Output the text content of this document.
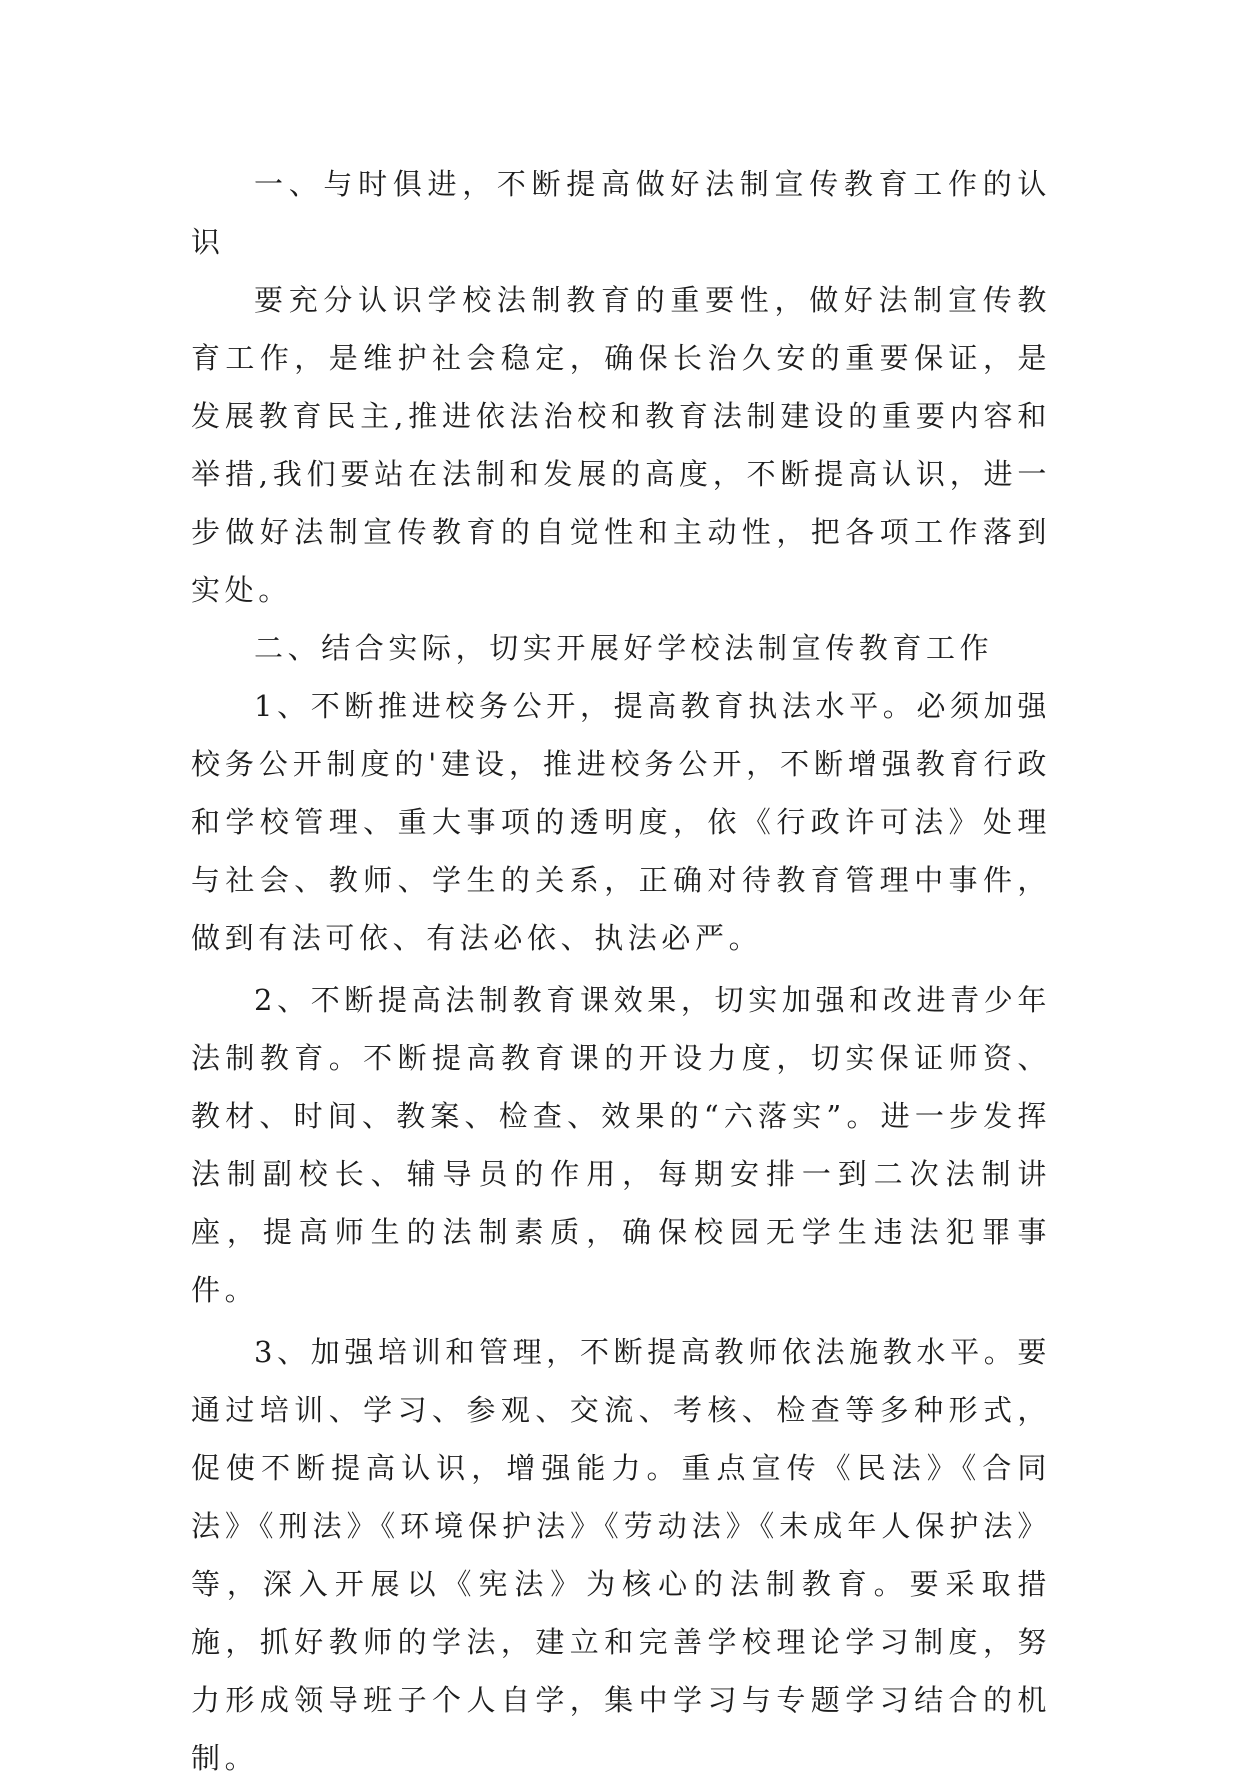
一、与时俱进，不断提高做好法制宣传教育工作的认识

要充分认识学校法制教育的重要性，做好法制宣传教育工作，是维护社会稳定，确保长治久安的重要保证，是发展教育民主,推进依法治校和教育法制建设的重要内容和举措,我们要站在法制和发展的高度，不断提高认识，进一步做好法制宣传教育的自觉性和主动性，把各项工作落到实处。

二、结合实际，切实开展好学校法制宣传教育工作

1、不断推进校务公开，提高教育执法水平。必须加强校务公开制度的'建设，推进校务公开，不断增强教育行政和学校管理、重大事项的透明度，依《行政许可法》处理与社会、教师、学生的关系，正确对待教育管理中事件，做到有法可依、有法必依、执法必严。

2、不断提高法制教育课效果，切实加强和改进青少年法制教育。不断提高教育课的开设力度，切实保证师资、教材、时间、教案、检查、效果的“六落实”。进一步发挥法制副校长、辅导员的作用，每期安排一到二次法制讲座，提高师生的法制素质，确保校园无学生违法犯罪事件。

3、加强培训和管理，不断提高教师依法施教水平。要通过培训、学习、参观、交流、考核、检查等多种形式，促使不断提高认识，增强能力。重点宣传《民法》《合同法》《刑法》《环境保护法》《劳动法》《未成年人保护法》等，深入开展以《宪法》为核心的法制教育。要采取措施，抓好教师的学法，建立和完善学校理论学习制度，努力形成领导班子个人自学，集中学习与专题学习结合的机制。
